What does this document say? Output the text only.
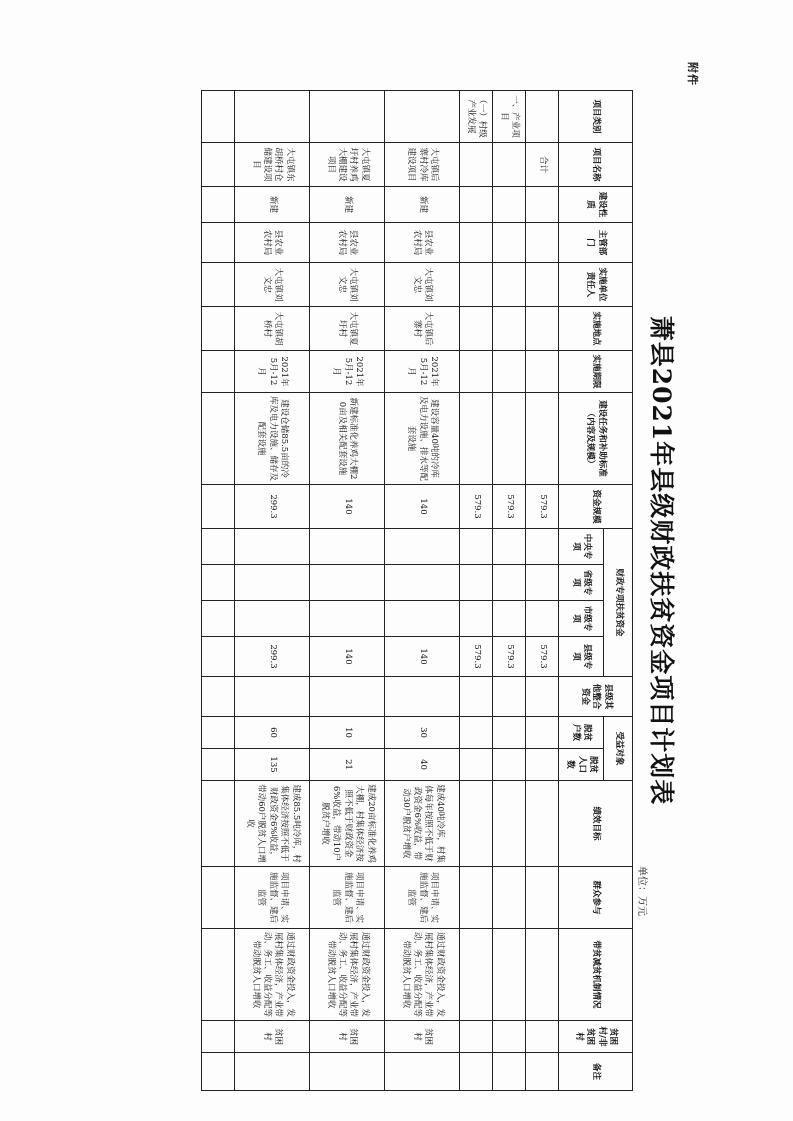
附件
萧县2021年县级财政扶贫资金项目计划表
单位：万元
项目类别	项目名称	建设性质	主管部门	实施单位责任人	实施地点	实施期限	建设任务和补助标准（内容及规模）	资金规模	财政专项扶贫资金				县级其他整合资金	受益对象		绩效目标	群众参与	带贫减贫机制情况	贫困村/非贫困村	备注
									中央专项	省级专项	市级专项	县级专项		脱贫户数	脱贫人口数					
	合计							579.3				579.3								
一、产业项目								579.3				579.3								
（一）村级产业发展								579.3				579.3								
	大屯镇后寨村冷库建设项目	新建	县农业农村局	大屯镇刘文忠	大屯镇后寨村	2021年5月-12月	建设容量40吨的冷库及电力设施、排水等配套设施	140				140		30	40	建成40吨冷库，村集体每年按照不低于财政资金6%收益，带动30户脱贫户增收	项目申请、实施监督、建后监管	通过财政资金投入，发展村集体经济，产业带动、务工、收益分配等带动脱贫人口增收	贫困村	
	大屯镇夏圩村养鸡大棚建设项目	新建	县农业农村局	大屯镇刘文忠	大屯镇夏圩村	2021年5月-12月	新建标准化养鸡大棚20亩及相关配套设施	140				140		10	21	建成20亩标准化养鸡大棚，村集体经济按照不低于财政资金6%收益，带动10户脱贫户增收	项目申请、实施监督、建后监管	通过财政资金投入，发展村集体经济，产业带动、务工、收益分配等带动脱贫人口增收	贫困村	
	大屯镇东胡桥村仓储建设项目	新建	县农业农村局	大屯镇刘文忠	大屯镇胡桥村	2021年5月-12月	建设仓储85.5亩的冷库及电力设施、储存及配套设施	299.3				299.3		60	135	建成85.5吨冷库，村集体经济按照不低于财政资金6%收益，带动60户脱贫人口增收	项目申请、实施监督、建后监管	通过财政资金投入，发展村集体经济，产业带动、务工、收益分配等带动脱贫人口增收	贫困村	
